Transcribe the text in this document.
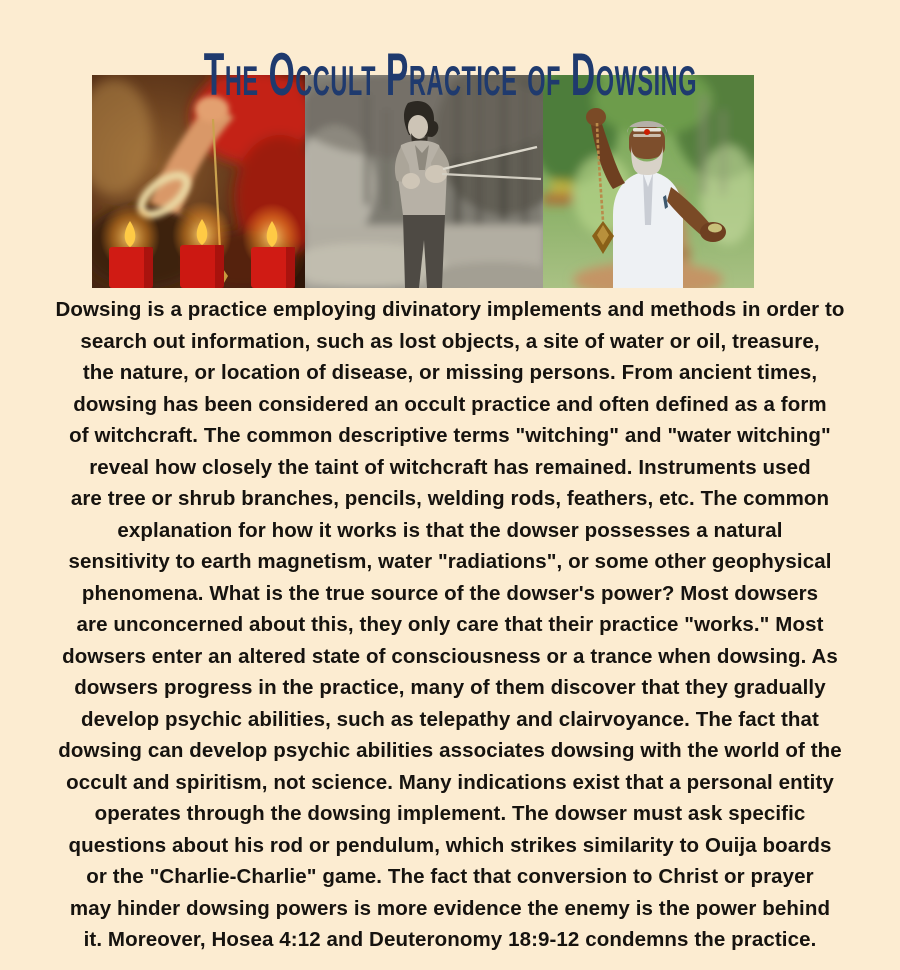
The Occult Practice of Dowsing
Dowsing is a practice employing divinatory implements and methods in order to
search out information, such as lost objects, a site of water or oil, treasure,
the nature, or location of disease, or missing persons. From ancient times,
dowsing has been considered an occult practice and often defined as a form
of witchcraft. The common descriptive terms "witching" and "water witching"
reveal how closely the taint of witchcraft has remained. Instruments used
are tree or shrub branches, pencils, welding rods, feathers, etc. The common
explanation for how it works is that the dowser possesses a natural
sensitivity to earth magnetism, water "radiations", or some other geophysical
phenomena. What is the true source of the dowser's power? Most dowsers
are unconcerned about this, they only care that their practice "works." Most
dowsers enter an altered state of consciousness or a trance when dowsing. As
dowsers progress in the practice, many of them discover that they gradually
develop psychic abilities, such as telepathy and clairvoyance. The fact that
dowsing can develop psychic abilities associates dowsing with the world of the
occult and spiritism, not science. Many indications exist that a personal entity
operates through the dowsing implement. The dowser must ask specific
questions about his rod or pendulum, which strikes similarity to Ouija boards
or the "Charlie-Charlie" game. The fact that conversion to Christ or prayer
may hinder dowsing powers is more evidence the enemy is the power behind
it. Moreover, Hosea 4:12 and Deuteronomy 18:9-12 condemns the practice.
